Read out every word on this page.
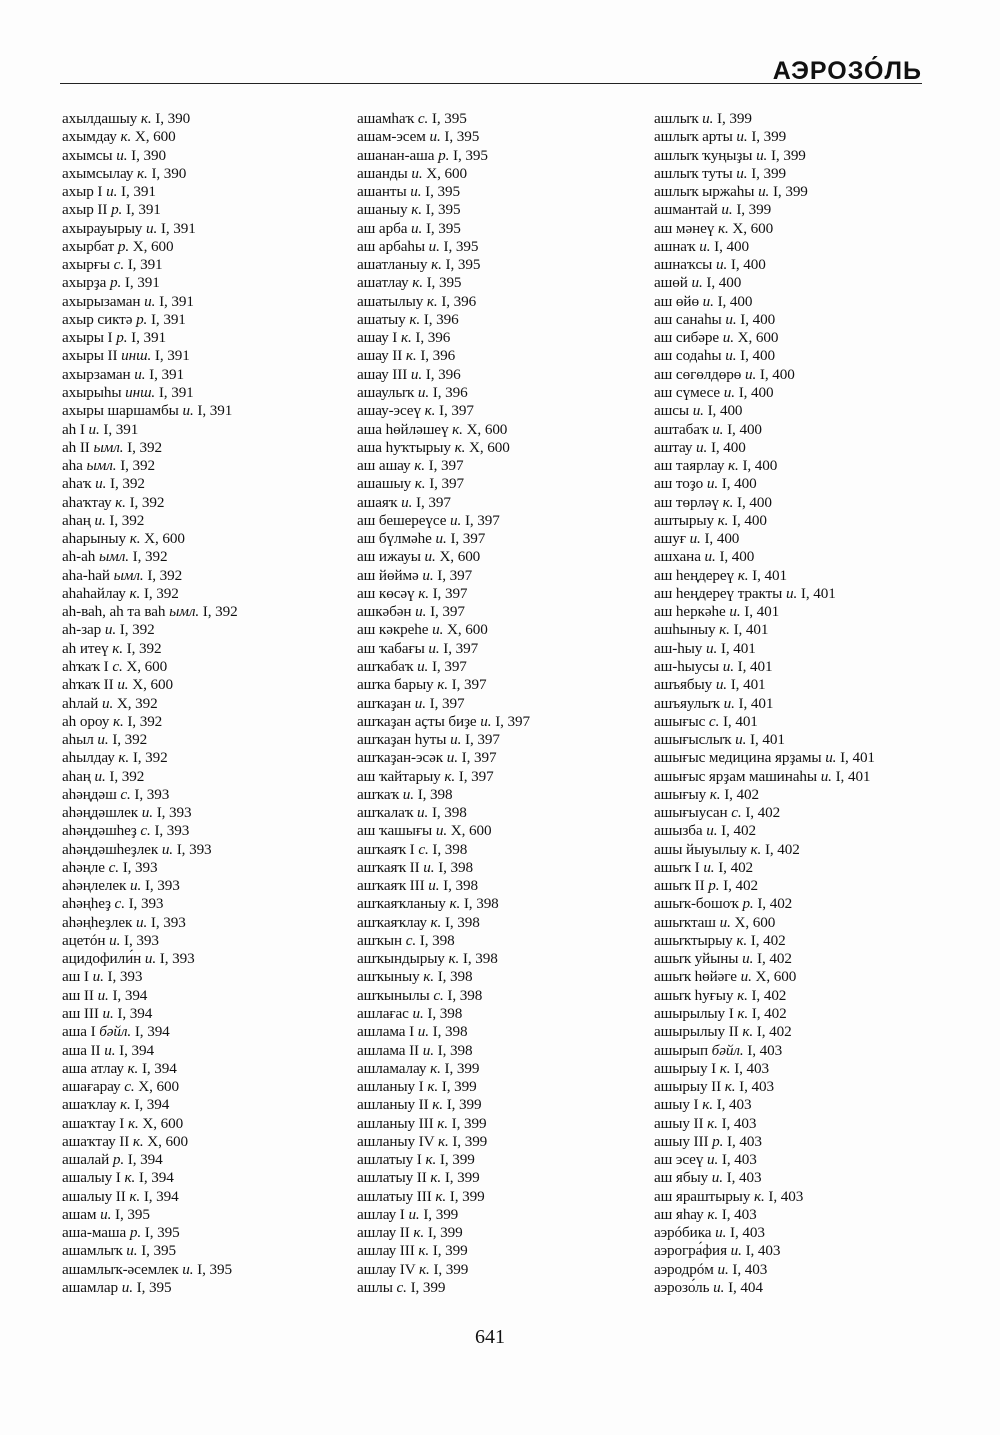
АЭРОЗО́ЛЬ
ахылдашыу к. I, 390
ахымдау к. X, 600
ахымсы и. I, 390
ахымсылау к. I, 390
ахыр I и. I, 391
ахыр II р. I, 391
ахырауырыу и. I, 391
ахырбат р. X, 600
ахырғы с. I, 391
ахырҙа р. I, 391
ахырызаман и. I, 391
ахыр сиктә р. I, 391
ахыры I р. I, 391
ахыры II инш. I, 391
ахырзаман и. I, 391
ахырыһы инш. I, 391
ахыры шаршамбы и. I, 391
аһ I и. I, 391
аһ II ымл. I, 392
аһа ымл. I, 392
аһаҡ и. I, 392
аһаҡтау к. I, 392
аһаң и. I, 392
аһарыныу к. X, 600
аһ-аһ ымл. I, 392
аһа-һай ымл. I, 392
аһаһайлау к. I, 392
аһ-ваһ, аһ та ваһ ымл. I, 392
аһ-зар и. I, 392
аһ итеү к. I, 392
аһҡаҡ I с. X, 600
аһҡаҡ II и. X, 600
аһлай и. X, 392
аһ ороу к. I, 392
аһыл и. I, 392
аһылдау к. I, 392
аһаң и. I, 392
аһәңдәш с. I, 393
аһәңдәшлек и. I, 393
аһәңдәшһеҙ с. I, 393
аһәңдәшһеҙлек и. I, 393
аһәңле с. I, 393
аһәңлелек и. I, 393
аһәңһеҙ с. I, 393
аһәңһеҙлек и. I, 393
ацетóн и. I, 393
ацидофили́н и. I, 393
аш I и. I, 393
аш II и. I, 394
аш III и. I, 394
аша I бәйл. I, 394
аша II и. I, 394
аша атлау к. I, 394
ашағарау с. X, 600
ашаҡлау к. I, 394
ашаҡтау I к. X, 600
ашаҡтау II к. X, 600
ашалай р. I, 394
ашалыу I к. I, 394
ашалыу II к. I, 394
ашам и. I, 395
аша-маша р. I, 395
ашамлыҡ и. I, 395
ашамлыҡ-әсемлек и. I, 395
ашамлар и. I, 395
ашамһаҡ с. I, 395
ашам-эсем и. I, 395
ашанан-аша р. I, 395
ашанды и. X, 600
ашанты и. I, 395
ашаныу к. I, 395
аш арба и. I, 395
аш арбаһы и. I, 395
ашатланыу к. I, 395
ашатлау к. I, 395
ашатылыу к. I, 396
ашатыу к. I, 396
ашау I к. I, 396
ашау II к. I, 396
ашау III и. I, 396
ашаулыҡ и. I, 396
ашау-эсеү к. I, 397
аша һөйләшеү к. X, 600
аша һуҡтырыу к. X, 600
аш ашау к. I, 397
ашашыу к. I, 397
ашаяҡ и. I, 397
аш бешереүсе и. I, 397
аш бүлмәһе и. I, 397
аш ижауы и. X, 600
аш йөймә и. I, 397
аш көсәү к. I, 397
ашкәбән и. I, 397
аш кәкреһе и. X, 600
аш ҡабағы и. I, 397
ашҡабаҡ и. I, 397
ашҡа барыу к. I, 397
ашҡаҙан и. I, 397
ашҡаҙан аҫты биҙе и. I, 397
ашҡаҙан һуты и. I, 397
ашҡаҙан-эсәк и. I, 397
аш ҡайтарыу к. I, 397
ашҡаҡ и. I, 398
ашҡалаҡ и. I, 398
аш ҡашығы и. X, 600
ашҡаяҡ I с. I, 398
ашҡаяҡ II и. I, 398
ашҡаяҡ III и. I, 398
ашҡаяҡланыу к. I, 398
ашҡаяҡлау к. I, 398
ашҡын с. I, 398
ашҡындырыу к. I, 398
ашҡыныу к. I, 398
ашҡынылы с. I, 398
ашлағас и. I, 398
ашлама I и. I, 398
ашлама II и. I, 398
ашламалау к. I, 399
ашланыу I к. I, 399
ашланыу II к. I, 399
ашланыу III к. I, 399
ашланыу IV к. I, 399
ашлатыу I к. I, 399
ашлатыу II к. I, 399
ашлатыу III к. I, 399
ашлау I и. I, 399
ашлау II к. I, 399
ашлау III к. I, 399
ашлау IV к. I, 399
ашлы с. I, 399
ашлыҡ и. I, 399
ашлыҡ арты и. I, 399
ашлыҡ ҡуңыҙы и. I, 399
ашлыҡ туты и. I, 399
ашлыҡ ыржаһы и. I, 399
ашмантай и. I, 399
аш мәнеү к. X, 600
ашнаҡ и. I, 400
ашнаҡсы и. I, 400
ашөй и. I, 400
аш өйө и. I, 400
аш санаһы и. I, 400
аш сибәре и. X, 600
аш содаһы и. I, 400
аш сөгөлдөрө и. I, 400
аш сүмесе и. I, 400
ашсы и. I, 400
аштабаҡ и. I, 400
аштау и. I, 400
аш таярлау к. I, 400
аш тоҙо и. I, 400
аш төрләү к. I, 400
аштырыу к. I, 400
ашуғ и. I, 400
ашхана и. I, 400
аш һеңдереү к. I, 401
аш һеңдереү тракты и. I, 401
аш һеркәһе и. I, 401
ашһыныу к. I, 401
аш-һыу и. I, 401
аш-һыусы и. I, 401
ашъябыу и. I, 401
ашъяулыҡ и. I, 401
ашығыс с. I, 401
ашығыслыҡ и. I, 401
ашығыс медицина ярҙамы и. I, 401
ашығыс ярҙам машинаһы и. I, 401
ашығыу к. I, 402
ашығыусан с. I, 402
ашызба и. I, 402
ашы йыуылыу к. I, 402
ашыҡ I и. I, 402
ашыҡ II р. I, 402
ашыҡ-бошоҡ р. I, 402
ашыҡташ и. X, 600
ашыҡтырыу к. I, 402
ашыҡ уйыны и. I, 402
ашыҡ һөйәге и. X, 600
ашыҡ һуғыу к. I, 402
ашырылыу I к. I, 402
ашырылыу II к. I, 402
ашырып бәйл. I, 403
ашырыу I к. I, 403
ашырыу II к. I, 403
ашыу I к. I, 403
ашыу II к. I, 403
ашыу III р. I, 403
аш эсеү и. I, 403
аш ябыу и. I, 403
аш яраштырыу к. I, 403
аш яһау к. I, 403
аэрóбика и. I, 403
аэрогра́фия и. I, 403
аэродрóм и. I, 403
аэрозо́ль и. I, 404
641
